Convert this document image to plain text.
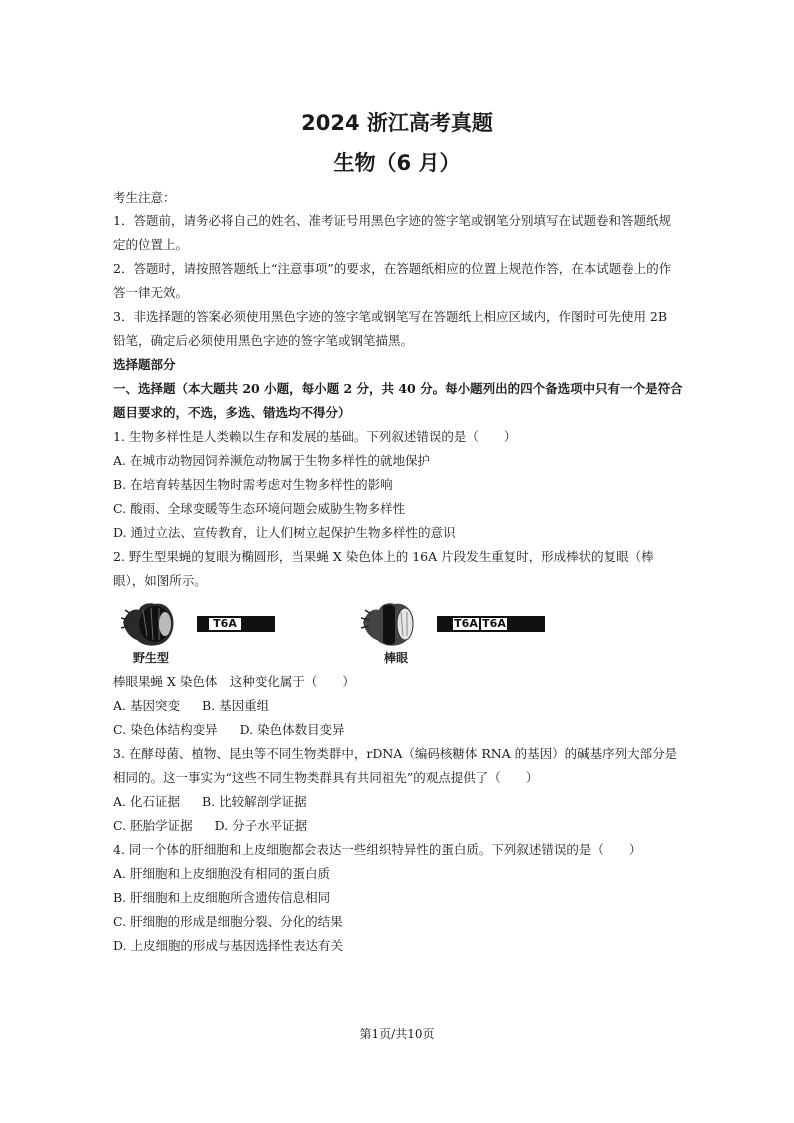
2024 浙江高考真题
生物（6 月）
考生注意：
1．答题前，请务必将自己的姓名、准考证号用黑色字迹的签字笔或钢笔分别填写在试题卷和答题纸规
定的位置上。
2．答题时，请按照答题纸上“注意事项”的要求，在答题纸相应的位置上规范作答，在本试题卷上的作
答一律无效。
3．非选择题的答案必须使用黑色字迹的签字笔或钢笔写在答题纸上相应区域内，作图时可先使用 2B
铅笔，确定后必须使用黑色字迹的签字笔或钢笔描黑。
选择题部分
一、选择题（本大题共 20 小题，每小题 2 分，共 40 分。每小题列出的四个备选项中只有一个是符合
题目要求的，不选，多选、错选均不得分）
1. 生物多样性是人类赖以生存和发展的基础。下列叙述错误的是（　　）
A. 在城市动物园饲养濒危动物属于生物多样性的就地保护
B. 在培育转基因生物时需考虑对生物多样性的影响
C. 酸雨、全球变暖等生态环境问题会威胁生物多样性
D. 通过立法、宣传教育，让人们树立起保护生物多样性的意识
2. 野生型果蝇的复眼为椭圆形，当果蝇 X 染色体上的 16A 片段发生重复时，形成棒状的复眼（棒
眼），如图所示。
野生型
T6A
棒眼
T6A T6A
棒眼果蝇 X 染色体　这种变化属于（　　）
A. 基因突变 B. 基因重组
C. 染色体结构变异 D. 染色体数目变异
3. 在酵母菌、植物、昆虫等不同生物类群中，rDNA（编码核糖体 RNA 的基因）的碱基序列大部分是
相同的。这一事实为“这些不同生物类群具有共同祖先”的观点提供了（　　）
A. 化石证据 B. 比较解剖学证据
C. 胚胎学证据 D. 分子水平证据
4. 同一个体的肝细胞和上皮细胞都会表达一些组织特异性的蛋白质。下列叙述错误的是（　　）
A. 肝细胞和上皮细胞没有相同的蛋白质
B. 肝细胞和上皮细胞所含遗传信息相同
C. 肝细胞的形成是细胞分裂、分化的结果
D. 上皮细胞的形成与基因选择性表达有关
第1页/共10页
